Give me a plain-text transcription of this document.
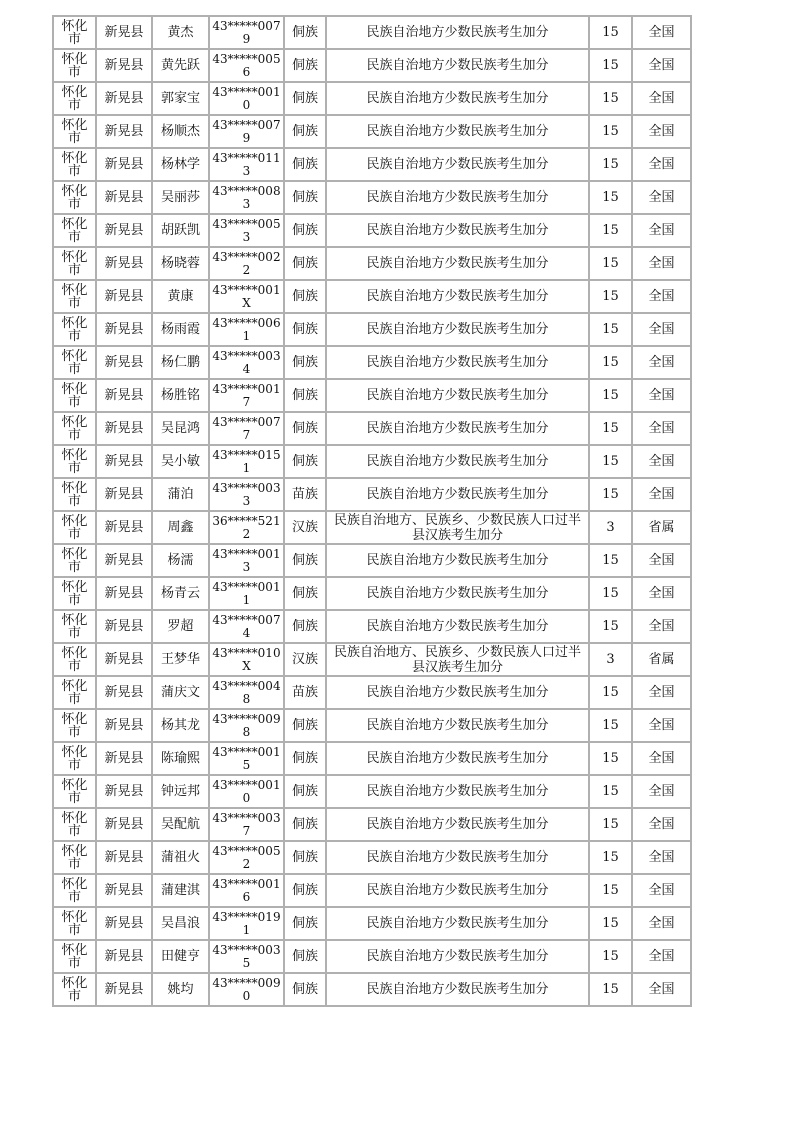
怀化市	新晃县	黄杰	43*****0079	侗族	民族自治地方少数民族考生加分	15	全国
怀化市	新晃县	黄先跃	43*****0056	侗族	民族自治地方少数民族考生加分	15	全国
怀化市	新晃县	郭家宝	43*****0010	侗族	民族自治地方少数民族考生加分	15	全国
怀化市	新晃县	杨顺杰	43*****0079	侗族	民族自治地方少数民族考生加分	15	全国
怀化市	新晃县	杨林学	43*****0113	侗族	民族自治地方少数民族考生加分	15	全国
怀化市	新晃县	吴丽莎	43*****0083	侗族	民族自治地方少数民族考生加分	15	全国
怀化市	新晃县	胡跃凯	43*****0053	侗族	民族自治地方少数民族考生加分	15	全国
怀化市	新晃县	杨晓蓉	43*****0022	侗族	民族自治地方少数民族考生加分	15	全国
怀化市	新晃县	黄康	43*****001X	侗族	民族自治地方少数民族考生加分	15	全国
怀化市	新晃县	杨雨霞	43*****0061	侗族	民族自治地方少数民族考生加分	15	全国
怀化市	新晃县	杨仁鹏	43*****0034	侗族	民族自治地方少数民族考生加分	15	全国
怀化市	新晃县	杨胜铭	43*****0017	侗族	民族自治地方少数民族考生加分	15	全国
怀化市	新晃县	吴昆鸿	43*****0077	侗族	民族自治地方少数民族考生加分	15	全国
怀化市	新晃县	吴小敏	43*****0151	侗族	民族自治地方少数民族考生加分	15	全国
怀化市	新晃县	蒲泊	43*****0033	苗族	民族自治地方少数民族考生加分	15	全国
怀化市	新晃县	周鑫	36*****5212	汉族	民族自治地方、民族乡、少数民族人口过半县汉族考生加分	3	省属
怀化市	新晃县	杨濡	43*****0013	侗族	民族自治地方少数民族考生加分	15	全国
怀化市	新晃县	杨青云	43*****0011	侗族	民族自治地方少数民族考生加分	15	全国
怀化市	新晃县	罗超	43*****0074	侗族	民族自治地方少数民族考生加分	15	全国
怀化市	新晃县	王梦华	43*****010X	汉族	民族自治地方、民族乡、少数民族人口过半县汉族考生加分	3	省属
怀化市	新晃县	蒲庆文	43*****0048	苗族	民族自治地方少数民族考生加分	15	全国
怀化市	新晃县	杨其龙	43*****0098	侗族	民族自治地方少数民族考生加分	15	全国
怀化市	新晃县	陈瑜熙	43*****0015	侗族	民族自治地方少数民族考生加分	15	全国
怀化市	新晃县	钟远邦	43*****0010	侗族	民族自治地方少数民族考生加分	15	全国
怀化市	新晃县	吴配航	43*****0037	侗族	民族自治地方少数民族考生加分	15	全国
怀化市	新晃县	蒲祖火	43*****0052	侗族	民族自治地方少数民族考生加分	15	全国
怀化市	新晃县	蒲建淇	43*****0016	侗族	民族自治地方少数民族考生加分	15	全国
怀化市	新晃县	吴昌浪	43*****0191	侗族	民族自治地方少数民族考生加分	15	全国
怀化市	新晃县	田健亨	43*****0035	侗族	民族自治地方少数民族考生加分	15	全国
怀化市	新晃县	姚均	43*****0090	侗族	民族自治地方少数民族考生加分	15	全国
